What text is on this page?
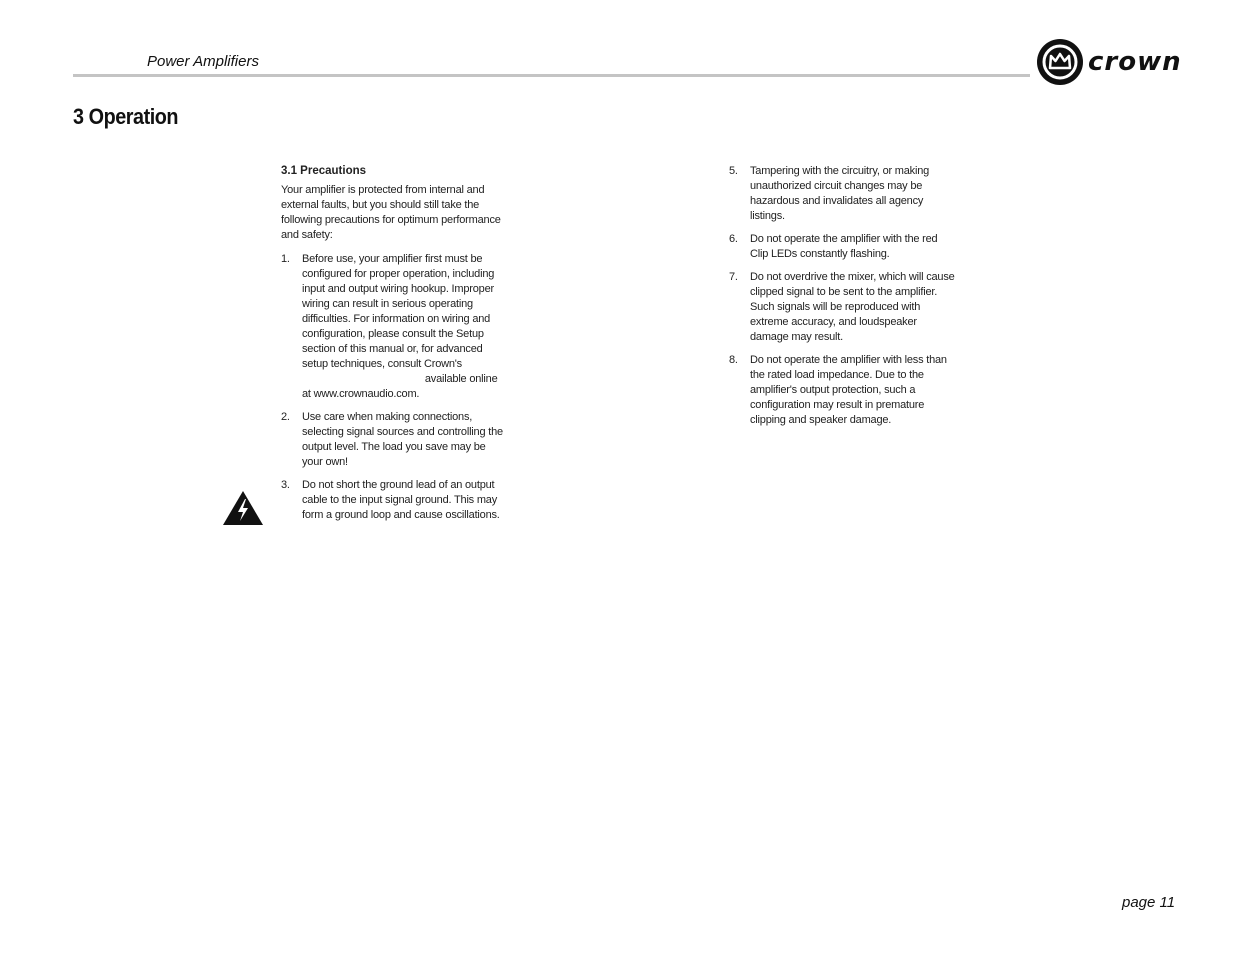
Power Amplifiers	crown
3 Operation
3.1 Precautions
Your amplifier is protected from internal and external faults, but you should still take the following precautions for optimum performance and safety:
1.	Before use, your amplifier first must be configured for proper operation, including input and output wiring hookup. Improper wiring can result in serious operating difficulties. For information on wiring and configuration, please consult the Setup section of this manual or, for advanced setup techniques, consult Crown's  available online at www.crownaudio.com.
2.	Use care when making connections, selecting signal sources and controlling the output level. The load you save may be your own!
3.	Do not short the ground lead of an output cable to the input signal ground. This may form a ground loop and cause oscillations.
5.	Tampering with the circuitry, or making unauthorized circuit changes may be hazardous and invalidates all agency listings.
6.	Do not operate the amplifier with the red Clip LEDs constantly flashing.
7.	Do not overdrive the mixer, which will cause clipped signal to be sent to the amplifier. Such signals will be reproduced with extreme accuracy, and loudspeaker damage may result.
8.	Do not operate the amplifier with less than the rated load impedance. Due to the amplifier's output protection, such a configuration may result in premature clipping and speaker damage.
page 11
